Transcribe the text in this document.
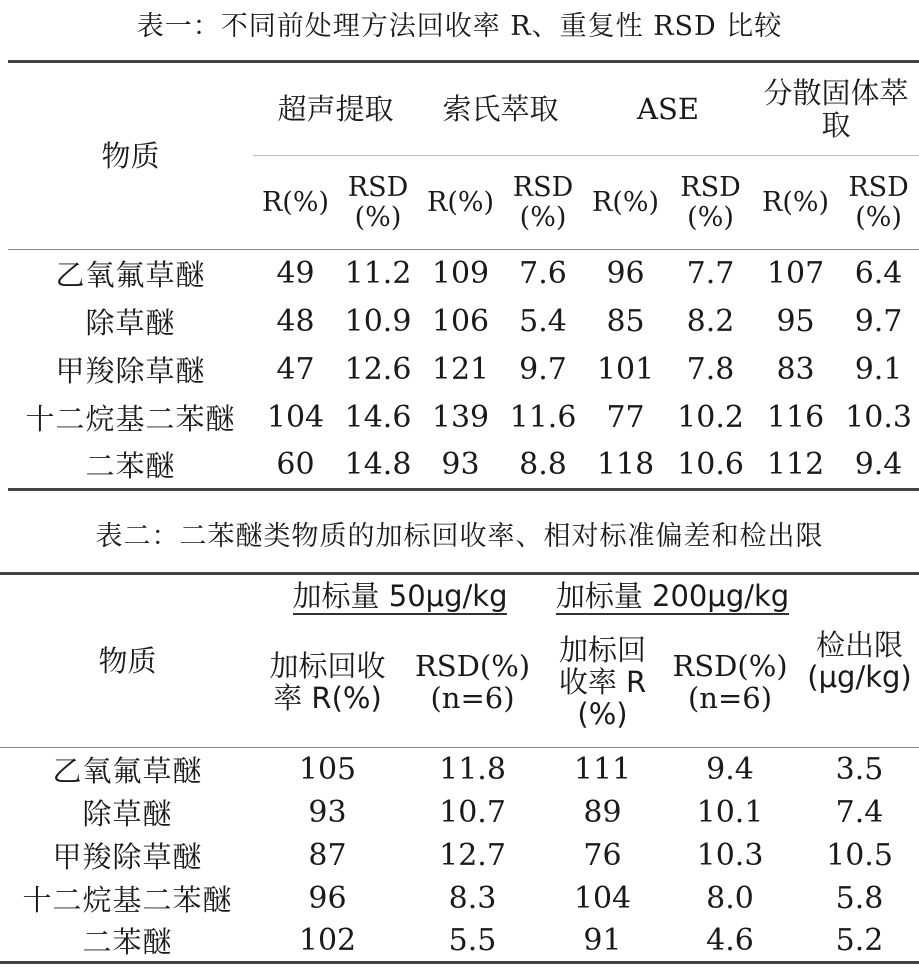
表一：不同前处理方法回收率 R、重复性 RSD 比较
物质	超声提取		索氏萃取		ASE		分散固体萃取	
	R(%)	RSD (%)	R(%)	RSD (%)	R(%)	RSD (%)	R(%)	RSD (%)
乙氧氟草醚	49	11.2	109	7.6	96	7.7	107	6.4
除草醚	48	10.9	106	5.4	85	8.2	95	9.7
甲羧除草醚	47	12.6	121	9.7	101	7.8	83	9.1
十二烷基二苯醚	104	14.6	139	11.6	77	10.2	116	10.3
二苯醚	60	14.8	93	8.8	118	10.6	112	9.4
表二：二苯醚类物质的加标回收率、相对标准偏差和检出限
物质	加标量 50μg/kg		加标量 200μg/kg		检出限 (μg/kg)
	加标回收率 R(%)	RSD(%) (n=6)	加标回收率 R (%)	RSD(%) (n=6)	
乙氧氟草醚	105	11.8	111	9.4	3.5
除草醚	93	10.7	89	10.1	7.4
甲羧除草醚	87	12.7	76	10.3	10.5
十二烷基二苯醚	96	8.3	104	8.0	5.8
二苯醚	102	5.5	91	4.6	5.2
